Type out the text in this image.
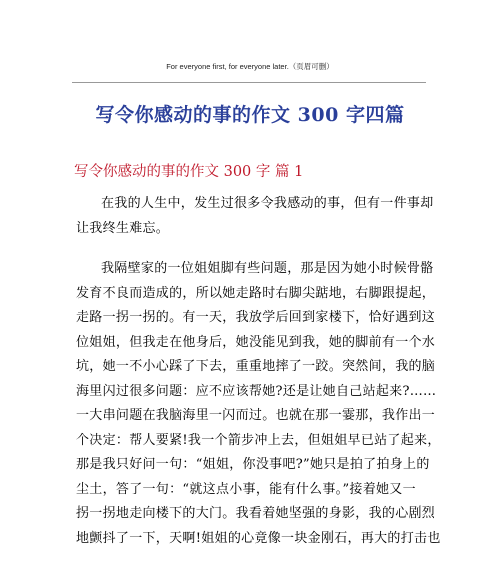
For everyone first, for everyone later.（页眉可删）
写令你感动的事的作文 300 字四篇
写令你感动的事的作文 300 字 篇 1
在我的人生中，发生过很多令我感动的事，但有一件事却
让我终生难忘。
我隔壁家的一位姐姐脚有些问题，那是因为她小时候骨骼
发育不良而造成的，所以她走路时右脚尖踮地，右脚跟提起，
走路一拐一拐的。有一天，我放学后回到家楼下，恰好遇到这
位姐姐，但我走在他身后，她没能见到我，她的脚前有一个水
坑，她一不小心踩了下去，重重地摔了一跤。突然间，我的脑
海里闪过很多问题：应不应该帮她?还是让她自己站起来?……
一大串问题在我脑海里一闪而过。也就在那一霎那，我作出一
个决定：帮人要紧!我一个箭步冲上去，但姐姐早已站了起来，
那是我只好问一句：“姐姐，你没事吧?”她只是拍了拍身上的
尘土，答了一句：“就这点小事，能有什么事。”接着她又一
拐一拐地走向楼下的大门。我看着她坚强的身影，我的心剧烈
地颤抖了一下，天啊!姐姐的心竟像一块金刚石，再大的打击也
